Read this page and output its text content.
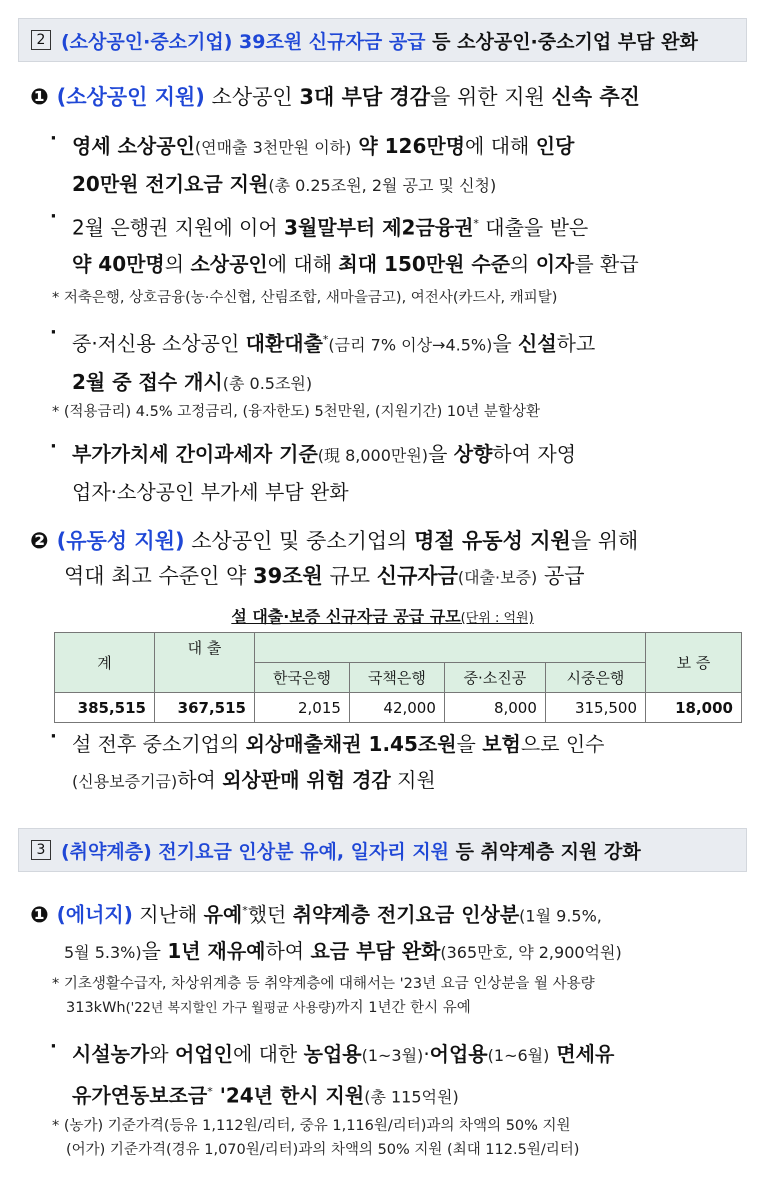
2 (소상공인·중소기업) 39조원 신규자금 공급 등 소상공인·중소기업 부담 완화
❶ (소상공인 지원) 소상공인 3대 부담 경감을 위한 지원 신속 추진
· 영세 소상공인(연매출 3천만원 이하) 약 126만명에 대해 인당
20만원 전기요금 지원(총 0.25조원, 2월 공고 및 신청)
· 2월 은행권 지원에 이어 3월말부터 제2금융권* 대출을 받은
약 40만명의 소상공인에 대해 최대 150만원 수준의 이자를 환급
* 저축은행, 상호금융(농·수신협, 산림조합, 새마을금고), 여전사(카드사, 캐피탈)
· 중·저신용 소상공인 대환대출*(금리 7% 이상→4.5%)을 신설하고
2월 중 접수 개시(총 0.5조원)
* (적용금리) 4.5% 고정금리, (융자한도) 5천만원, (지원기간) 10년 분할상환
· 부가가치세 간이과세자 기준(現 8,000만원)을 상향하여 자영
업자·소상공인 부가세 부담 완화
❷ (유동성 지원) 소상공인 및 중소기업의 명절 유동성 지원을 위해
역대 최고 수준인 약 39조원 규모 신규자금(대출·보증) 공급
설 대출·보증 신규자금 공급 규모(단위 : 억원)
계	대 출					보 증
		한국은행	국책은행	중·소진공	시중은행	
385,515	367,515	2,015	42,000	8,000	315,500	18,000
· 설 전후 중소기업의 외상매출채권 1.45조원을 보험으로 인수
(신용보증기금)하여 외상판매 위험 경감 지원
3 (취약계층) 전기요금 인상분 유예, 일자리 지원 등 취약계층 지원 강화
❶ (에너지) 지난해 유예*했던 취약계층 전기요금 인상분(1월 9.5%,
5월 5.3%)을 1년 재유예하여 요금 부담 완화(365만호, 약 2,900억원)
* 기초생활수급자, 차상위계층 등 취약계층에 대해서는 '23년 요금 인상분을 월 사용량
313kWh('22년 복지할인 가구 월평균 사용량)까지 1년간 한시 유예
· 시설농가와 어업인에 대한 농업용(1~3월)·어업용(1~6월) 면세유
유가연동보조금* '24년 한시 지원(총 115억원)
* (농가) 기준가격(등유 1,112원/리터, 중유 1,116원/리터)과의 차액의 50% 지원
(어가) 기준가격(경유 1,070원/리터)과의 차액의 50% 지원 (최대 112.5원/리터)
